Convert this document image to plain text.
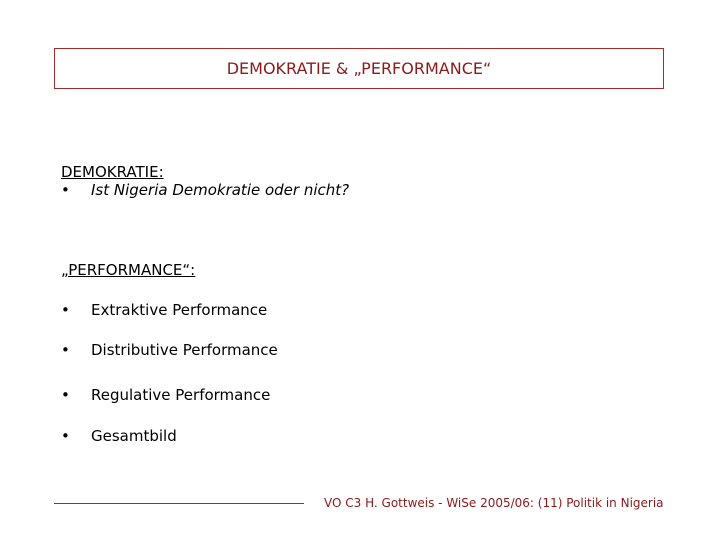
DEMOKRATIE & „PERFORMANCE“
DEMOKRATIE:
•	Ist Nigeria Demokratie oder nicht?
„PERFORMANCE“:
•	Extraktive Performance
•	Distributive Performance
•	Regulative Performance
•	Gesamtbild
VO C3 H. Gottweis - WiSe 2005/06: (11) Politik in Nigeria
